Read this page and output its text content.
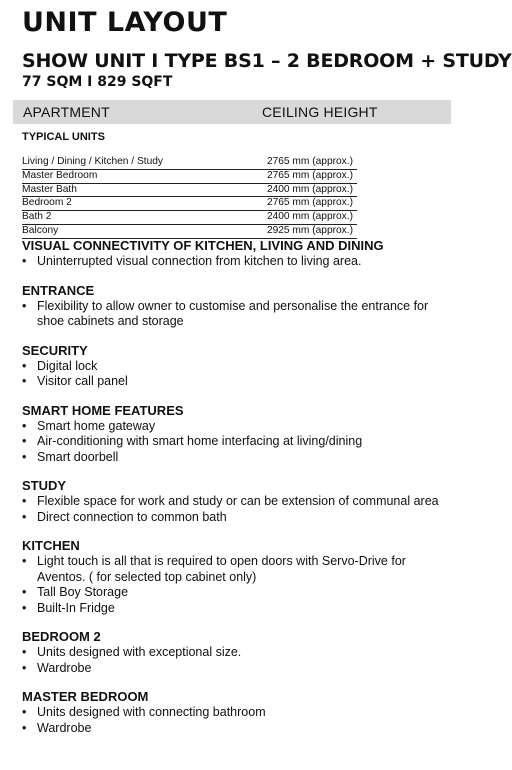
UNIT LAYOUT
SHOW UNIT I TYPE BS1 – 2 BEDROOM + STUDY
77 SQM I 829 SQFT
APARTMENT	CEILING HEIGHT
TYPICAL UNITS
Living / Dining / Kitchen / Study	2765 mm (approx.)
Master Bedroom	2765 mm (approx.)
Master Bath	2400 mm (approx.)
Bedroom 2	2765 mm (approx.)
Bath 2	2400 mm (approx.)
Balcony	2925 mm (approx.)
VISUAL CONNECTIVITY OF KITCHEN, LIVING AND DINING
• Uninterrupted visual connection from kitchen to living area.
ENTRANCE
• Flexibility to allow owner to customise and personalise the entrance for shoe cabinets and storage
SECURITY
• Digital lock
• Visitor call panel
SMART HOME FEATURES
• Smart home gateway
• Air-conditioning with smart home interfacing at living/dining
• Smart doorbell
STUDY
• Flexible space for work and study or can be extension of communal area
• Direct connection to common bath
KITCHEN
• Light touch is all that is required to open doors with Servo-Drive for Aventos. ( for selected top cabinet only)
• Tall Boy Storage
• Built-In Fridge
BEDROOM 2
• Units designed with exceptional size.
• Wardrobe
MASTER BEDROOM
• Units designed with connecting bathroom
• Wardrobe
